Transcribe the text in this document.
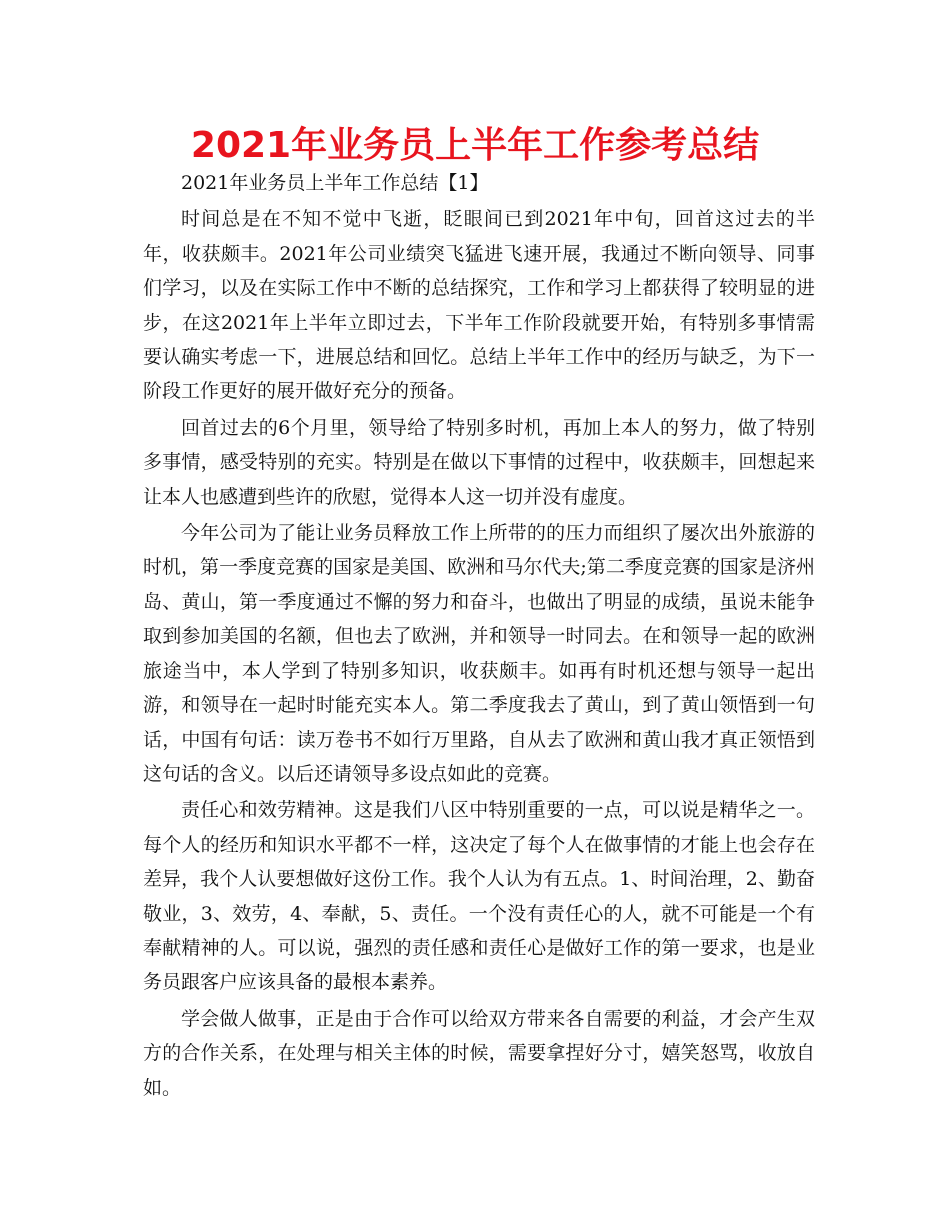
2021年业务员上半年工作参考总结

2021年业务员上半年工作总结【1】

时间总是在不知不觉中飞逝，眨眼间已到2021年中旬，回首这过去的半年，收获颇丰。2021年公司业绩突飞猛进飞速开展，我通过不断向领导、同事们学习，以及在实际工作中不断的总结探究，工作和学习上都获得了较明显的进步，在这2021年上半年立即过去，下半年工作阶段就要开始，有特别多事情需要认确实考虑一下，进展总结和回忆。总结上半年工作中的经历与缺乏，为下一阶段工作更好的展开做好充分的预备。

回首过去的6个月里，领导给了特别多时机，再加上本人的努力，做了特别多事情，感受特别的充实。特别是在做以下事情的过程中，收获颇丰，回想起来让本人也感遭到些许的欣慰，觉得本人这一切并没有虚度。

今年公司为了能让业务员释放工作上所带的的压力而组织了屡次出外旅游的时机，第一季度竞赛的国家是美国、欧洲和马尔代夫;第二季度竞赛的国家是济州岛、黄山，第一季度通过不懈的努力和奋斗，也做出了明显的成绩，虽说未能争取到参加美国的名额，但也去了欧洲，并和领导一时同去。在和领导一起的欧洲旅途当中，本人学到了特别多知识，收获颇丰。如再有时机还想与领导一起出游，和领导在一起时时能充实本人。第二季度我去了黄山，到了黄山领悟到一句话，中国有句话：读万卷书不如行万里路，自从去了欧洲和黄山我才真正领悟到这句话的含义。以后还请领导多设点如此的竞赛。

责任心和效劳精神。这是我们八区中特别重要的一点，可以说是精华之一。每个人的经历和知识水平都不一样，这决定了每个人在做事情的才能上也会存在差异，我个人认要想做好这份工作。我个人认为有五点。1、时间治理，2、勤奋敬业，3、效劳，4、奉献，5、责任。一个没有责任心的人，就不可能是一个有奉献精神的人。可以说，强烈的责任感和责任心是做好工作的第一要求，也是业务员跟客户应该具备的最根本素养。

学会做人做事，正是由于合作可以给双方带来各自需要的利益，才会产生双方的合作关系，在处理与相关主体的时候，需要拿捏好分寸，嬉笑怒骂，收放自如。
